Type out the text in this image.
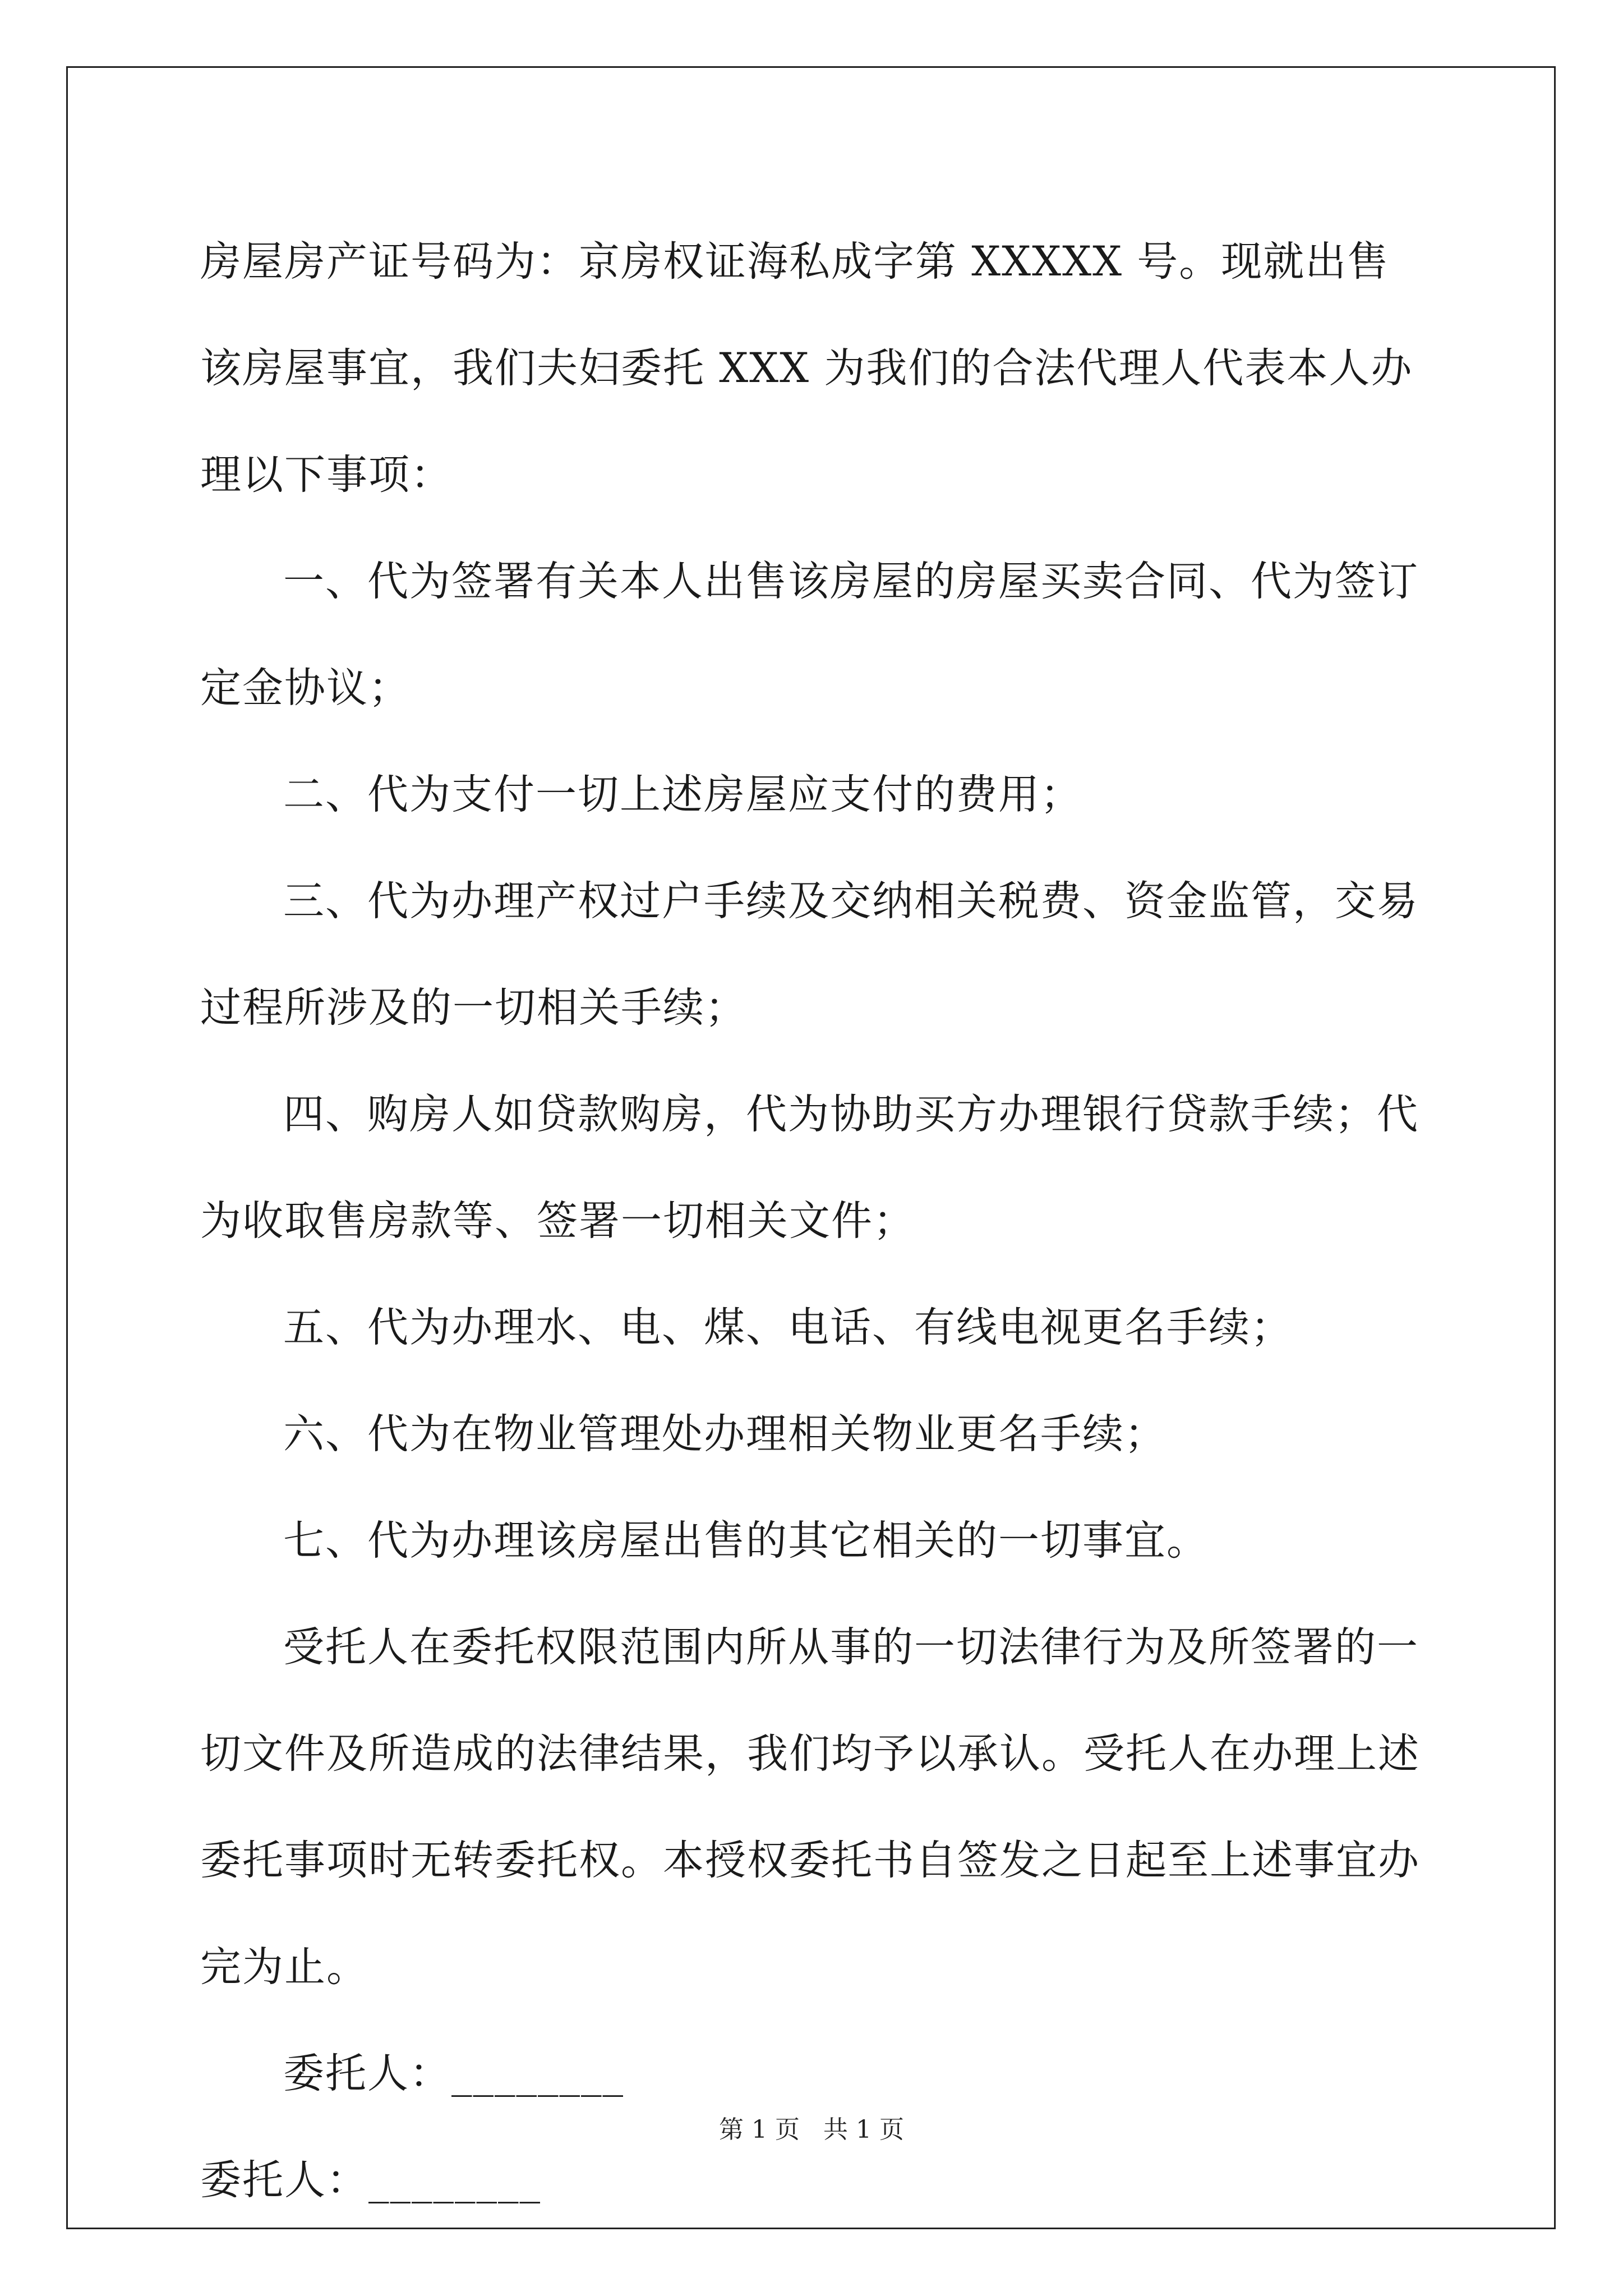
房屋房产证号码为：京房权证海私成字第 XXXXX 号。现就出售该房屋事宜，我们夫妇委托 XXX 为我们的合法代理人代表本人办理以下事项：

一、代为签署有关本人出售该房屋的房屋买卖合同、代为签订定金协议；

二、代为支付一切上述房屋应支付的费用；

三、代为办理产权过户手续及交纳相关税费、资金监管，交易过程所涉及的一切相关手续；

四、购房人如贷款购房，代为协助买方办理银行贷款手续；代为收取售房款等、签署一切相关文件；

五、代为办理水、电、煤、电话、有线电视更名手续；

六、代为在物业管理处办理相关物业更名手续；

七、代为办理该房屋出售的其它相关的一切事宜。

受托人在委托权限范围内所从事的一切法律行为及所签署的一切文件及所造成的法律结果，我们均予以承认。受托人在办理上述委托事项时无转委托权。本授权委托书自签发之日起至上述事宜办完为止。

委托人：________

委托人：________

第 1 页   共 1 页
